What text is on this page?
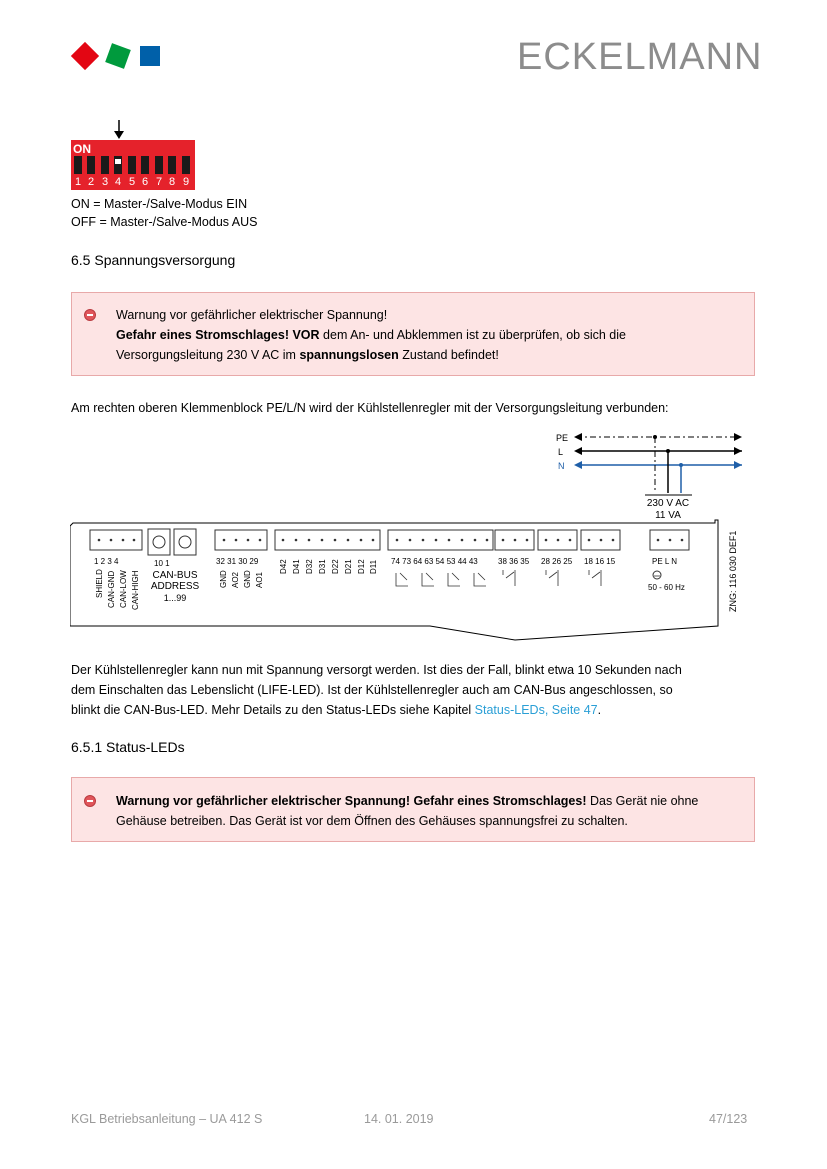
ECKELMANN
ON
1 2 3 4 5 6 7 8 9
ON = Master-/Salve-Modus EIN
OFF = Master-/Salve-Modus AUS
6.5 Spannungsversorgung
Warnung vor gefährlicher elektrischer Spannung!
Gefahr eines Stromschlages! VOR dem An- und Abklemmen ist zu überprüfen, ob sich die
Versorgungsleitung 230 V AC im spannungslosen Zustand befindet!
Am rechten oberen Klemmenblock PE/L/N wird der Kühlstellenregler mit der Versorgungsleitung verbunden:
PE
L
N
230 V AC
11 VA
1 2 3 4
SHIELD CAN-GND CAN-LOW CAN-HIGH
10 1
CAN-BUS
ADDRESS
1...99
32 31 30 29
GND AO2 GND AO1
D42 D41 D32 D31 D22 D21 D12 D11 74 73 64 63 54 53 44 43	38 36 35 28 26 25 18 16 15	PE L N
50 - 60 Hz	ZNG: 116 030 DEF1
Der Kühlstellenregler kann nun mit Spannung versorgt werden. Ist dies der Fall, blinkt etwa 10 Sekunden nach
dem Einschalten das Lebenslicht (LIFE-LED). Ist der Kühlstellenregler auch am CAN-Bus angeschlossen, so
blinkt die CAN-Bus-LED. Mehr Details zu den Status-LEDs siehe Kapitel Status-LEDs, Seite 47.
6.5.1 Status-LEDs
Warnung vor gefährlicher elektrischer Spannung! Gefahr eines Stromschlages! Das Gerät nie ohne
Gehäuse betreiben. Das Gerät ist vor dem Öffnen des Gehäuses spannungsfrei zu schalten.
KGL Betriebsanleitung – UA 412 S	14. 01. 2019	47/123
